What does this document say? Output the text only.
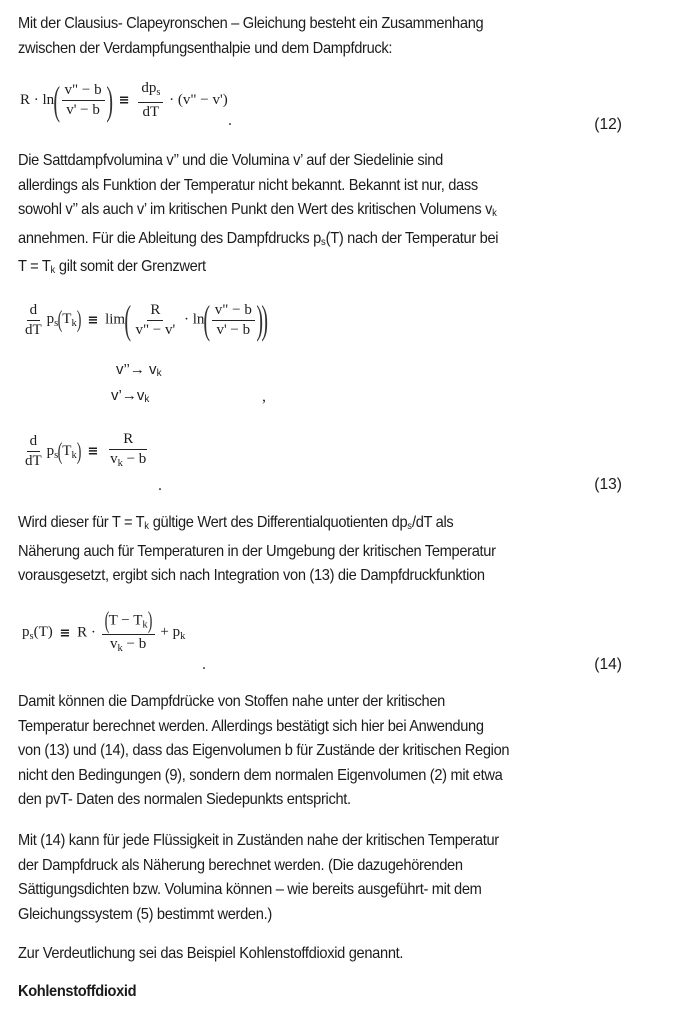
Mit der Clausius- Clapeyronschen – Gleichung besteht ein Zusammenhang
zwischen der Verdampfungsenthalpie und dem Dampfdruck:
$R \cdot \ln( \frac{v" - b}{v' - b}$ ) ≡ $\frac{dp_s}{dT} \cdot (v$" − v')
.	(12)
Die Sattdampfvolumina v’’ und die Volumina v’ auf der Siedelinie sind
allerdings als Funktion der Temperatur nicht bekannt. Bekannt ist nur, dass
sowohl v’’ als auch v’ im kritischen Punkt den Wert des kritischen Volumens $v_k$
annehmen. Für die Ableitung des Dampfdrucks $p_s(T)$ nach der Temperatur bei
$T = T_k$ gilt somit der Grenzwert
$\frac{d}{dT} p_s(T_k) \equiv \lim( \frac{R}{v" - v'} \cdot \ln( \frac{v" - b}{v' - b}$ ))
v’’→ $v_k$
$v’\to v_k$	,
$\frac{d}{dT} p_s(T_k) \equiv \frac{R}{v_k - b}$
.	(13)
Wird dieser für $T = T_k$ gültige Wert des Differentialquotienten $dp_s/dT$ als
Näherung auch für Temperaturen in der Umgebung der kritischen Temperatur
vorausgesetzt, ergibt sich nach Integration von (13) die Dampfdruckfunktion
$p_s(T) \equiv R \cdot \frac{(T - T_k)}{v_k - b} + p_k$
.	(14)
Damit können die Dampfdrücke von Stoffen nahe unter der kritischen
Temperatur berechnet werden. Allerdings bestätigt sich hier bei Anwendung
von (13) und (14), dass das Eigenvolumen b für Zustände der kritischen Region
nicht den Bedingungen (9), sondern dem normalen Eigenvolumen (2) mit etwa
den pvT- Daten des normalen Siedepunkts entspricht.
Mit (14) kann für jede Flüssigkeit in Zuständen nahe der kritischen Temperatur
der Dampfdruck als Näherung berechnet werden. (Die dazugehörenden
Sättigungsdichten bzw. Volumina können – wie bereits ausgeführt- mit dem
Gleichungssystem (5) bestimmt werden.)
Zur Verdeutlichung sei das Beispiel Kohlenstoffdioxid genannt.
Kohlenstoffdioxid
